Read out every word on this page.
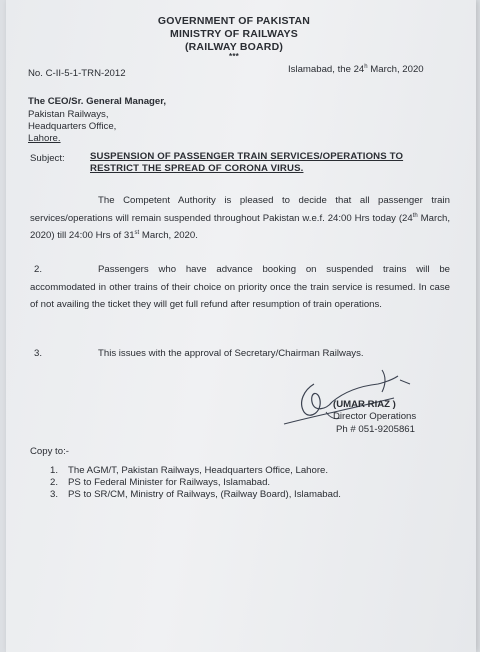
GOVERNMENT OF PAKISTAN
MINISTRY OF RAILWAYS
(RAILWAY BOARD)
***
No. C-II-5-1-TRN-2012	Islamabad, the 24$^h$ March, 2020
The CEO/Sr. General Manager,
Pakistan Railways,
Headquarters Office,
Lahore.
Subject:	SUSPENSION OF PASSENGER TRAIN SERVICES/OPERATIONS TO
RESTRICT THE SPREAD OF CORONA VIRUS.
The Competent Authority is pleased to decide that all passenger train services/operations will remain suspended throughout Pakistan w.e.f. 24:00 Hrs today (24th March, 2020) till 24:00 Hrs of 31st March, 2020.
2.	Passengers who have advance booking on suspended trains will be accommodated in other trains of their choice on priority once the train service is resumed. In case of not availing the ticket they will get full refund after resumption of train operations.
3.	This issues with the approval of Secretary/Chairman Railways.
(UMAR RIAZ )
Director Operations
Ph # 051-9205861
Copy to:-
1. The AGM/T, Pakistan Railways, Headquarters Office, Lahore.
2. PS to Federal Minister for Railways, Islamabad.
3. PS to SR/CM, Ministry of Railways, (Railway Board), Islamabad.
